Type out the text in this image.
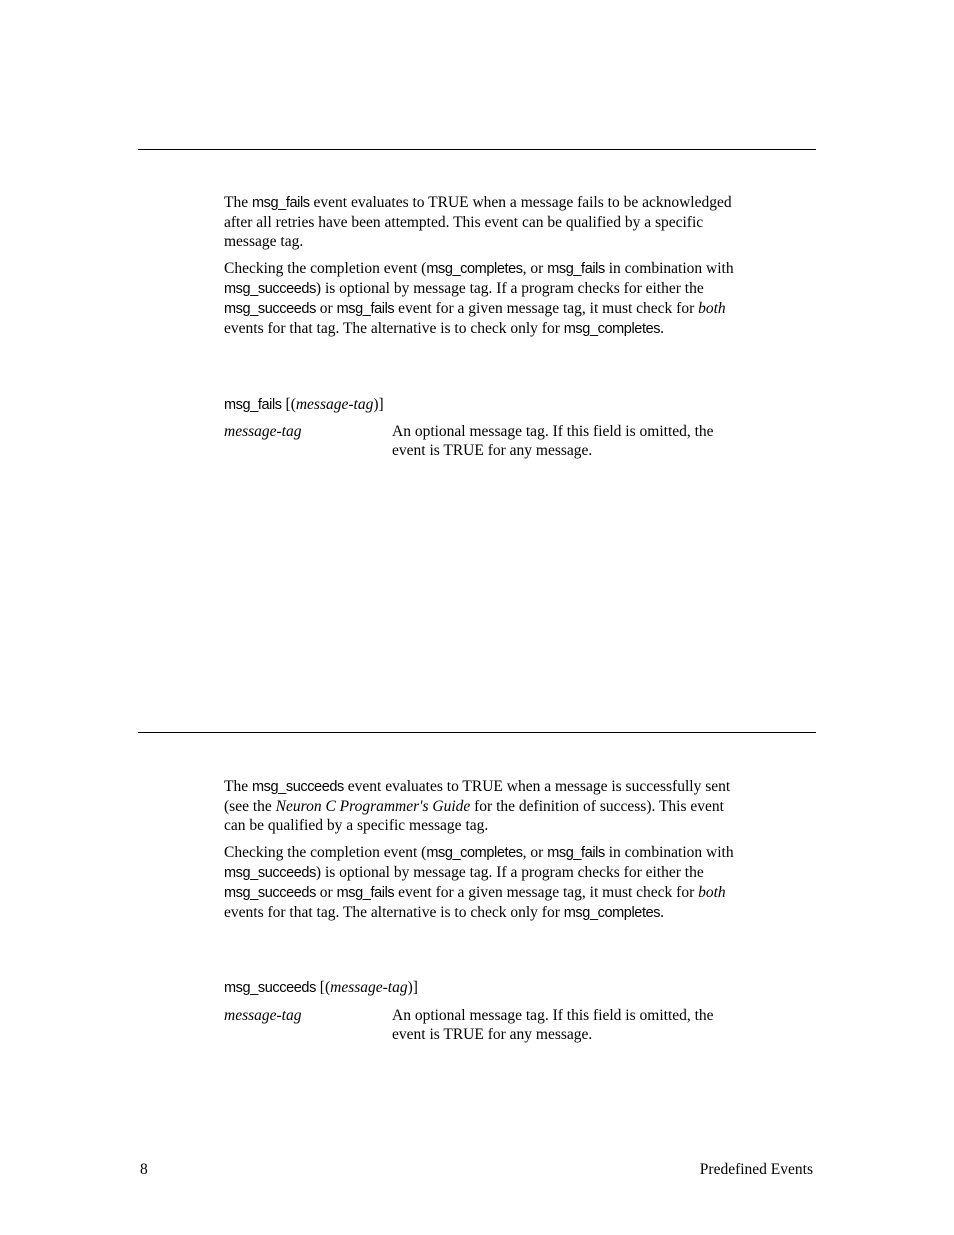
The msg_fails event evaluates to TRUE when a message fails to be acknowledged
after all retries have been attempted. This event can be qualified by a specific
message tag.

Checking the completion event (msg_completes, or msg_fails in combination with
msg_succeeds) is optional by message tag. If a program checks for either the
msg_succeeds or msg_fails event for a given message tag, it must check for both
events for that tag. The alternative is to check only for msg_completes.

msg_fails [(message-tag)]
message-tag	An optional message tag. If this field is omitted, the
event is TRUE for any message.

The msg_succeeds event evaluates to TRUE when a message is successfully sent
(see the Neuron C Programmer's Guide for the definition of success). This event
can be qualified by a specific message tag.

Checking the completion event (msg_completes, or msg_fails in combination with
msg_succeeds) is optional by message tag. If a program checks for either the
msg_succeeds or msg_fails event for a given message tag, it must check for both
events for that tag. The alternative is to check only for msg_completes.

msg_succeeds [(message-tag)]
message-tag	An optional message tag. If this field is omitted, the
event is TRUE for any message.

8	Predefined Events
